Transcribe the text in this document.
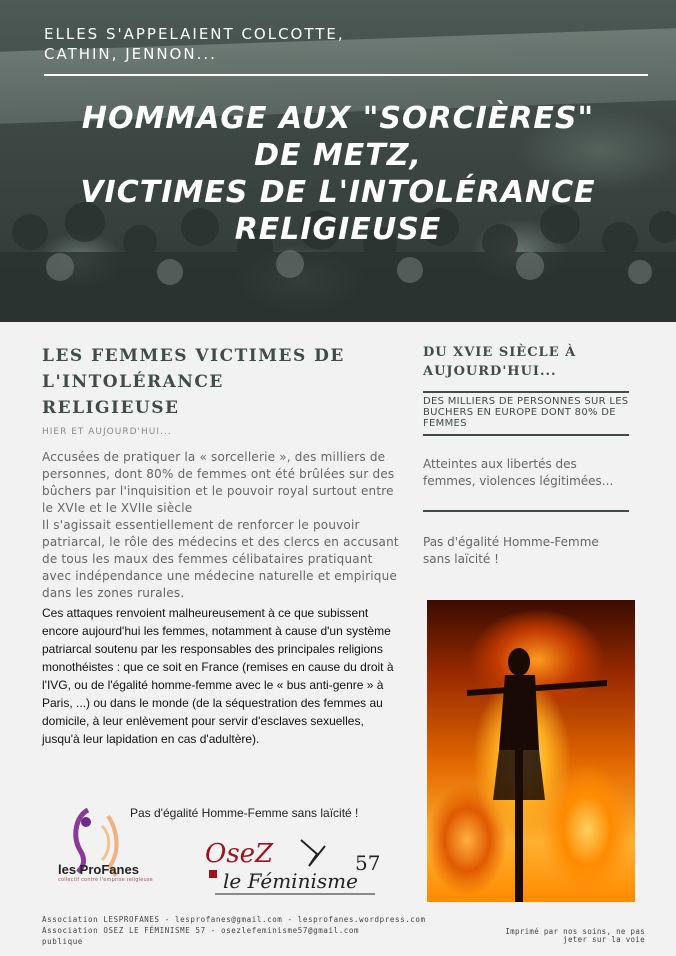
ELLES S'APPELAIENT COLCOTTE,
CATHIN, JENNON...
HOMMAGE AUX "SORCIÈRES"
DE METZ,
VICTIMES DE L'INTOLÉRANCE
RELIGIEUSE
LES FEMMES VICTIMES DE
L'INTOLÉRANCE
RELIGIEUSE
HIER ET AUJOURD'HUI...
Accusées de pratiquer la « sorcellerie », des milliers de personnes, dont 80% de femmes ont été brûlées sur des bûchers par l'inquisition et le pouvoir royal surtout entre le XVIe et le XVIIe siècle
Il s'agissait essentiellement de renforcer le pouvoir patriarcal, le rôle des médecins et des clercs en accusant de tous les maux des femmes célibataires pratiquant avec indépendance une médecine naturelle et empirique dans les zones rurales.
Ces attaques renvoient malheureusement à ce que subissent encore aujourd'hui les femmes, notamment à cause d'un système patriarcal soutenu par les responsables des principales religions monothéistes : que ce soit en France (remises en cause du droit à l'IVG, ou de l'égalité homme-femme avec le « bus anti-genre » à Paris, ...) ou dans le monde (de la séquestration des femmes au domicile, à leur enlèvement pour servir d'esclaves sexuelles, jusqu'à leur lapidation en cas d'adultère).
Pas d'égalité Homme-Femme sans laïcité !
DU XVIE SIÈCLE À
AUJOURD'HUI...
DES MILLIERS DE PERSONNES SUR LES BUCHERS EN EUROPE DONT 80% DE FEMMES
Atteintes aux libertés des femmes, violences légitimées...
Pas d'égalité Homme-Femme sans laïcité !
les ProFanes
collectif contre l'emprise religieuse
OseZ
le Féminisme
57
Association LESPROFANES - lesprofanes@gmail.com - lesprofanes.wordpress.com
Association OSEZ LE FÉMINISME 57 - osezlefeminisme57@gmail.com
publique
Imprimé par nos soins, ne pas jeter sur la voie
